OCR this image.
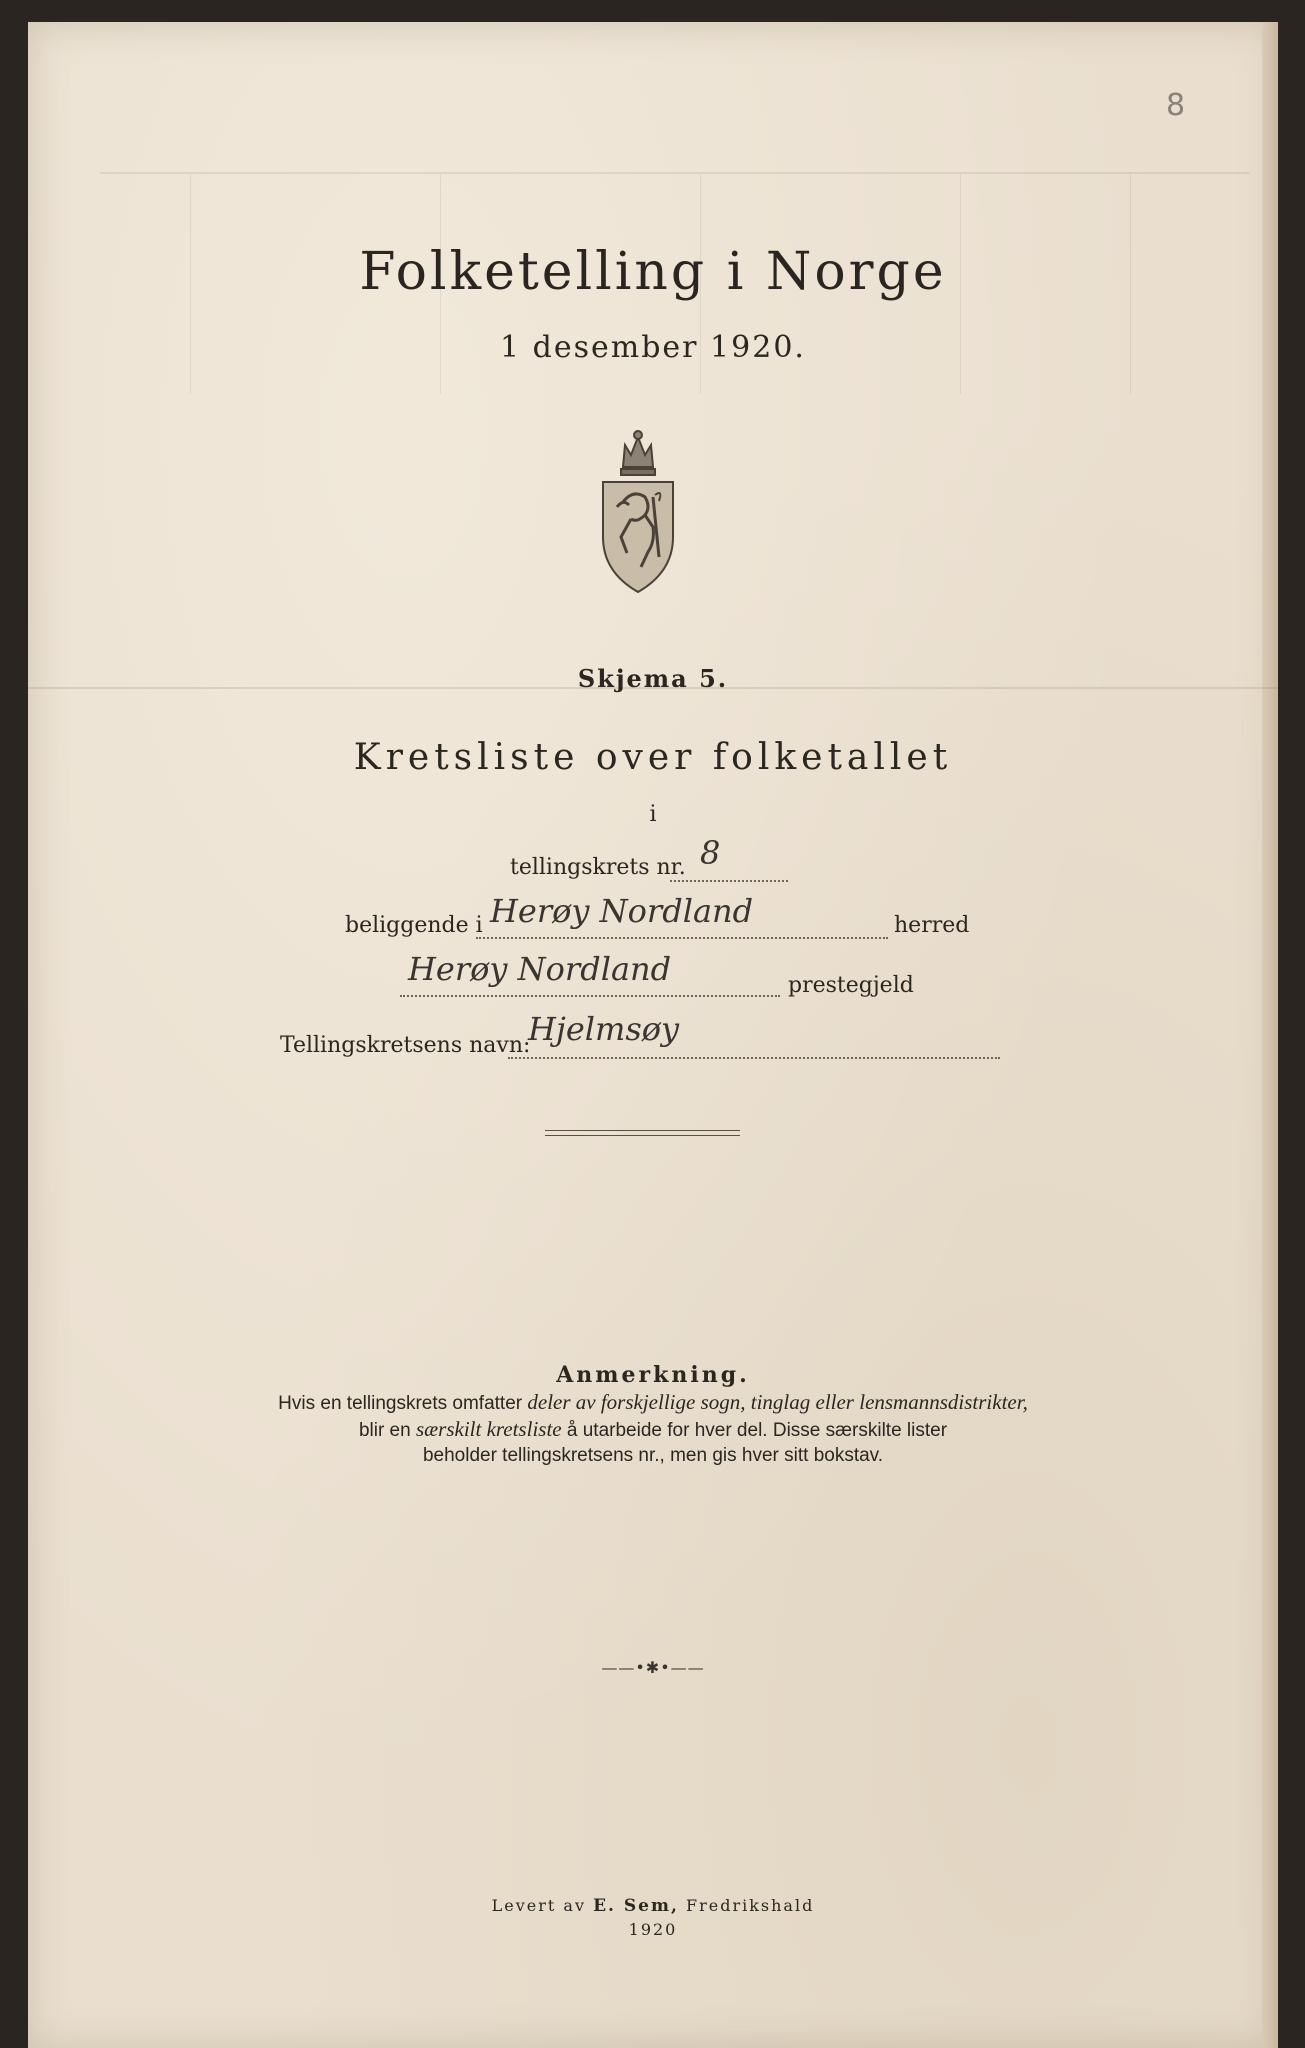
8
Folketelling i Norge
1 desember 1920.
Skjema 5.
Kretsliste over folketallet
i
tellingskrets nr. 8
beliggende i Herøy Nordland	herred
Herøy Nordland	prestegjeld
Tellingskretsens navn:
Hjelmsøy
Anmerkning.
Hvis en tellingskrets omfatter deler av forskjellige sogn, tinglag eller lensmannsdistrikter,
blir en særskilt kretsliste å utarbeide for hver del. Disse særskilte lister
beholder tellingskretsens nr., men gis hver sitt bokstav.
——•✱•——
Levert av E. Sem, Fredrikshald
1920
